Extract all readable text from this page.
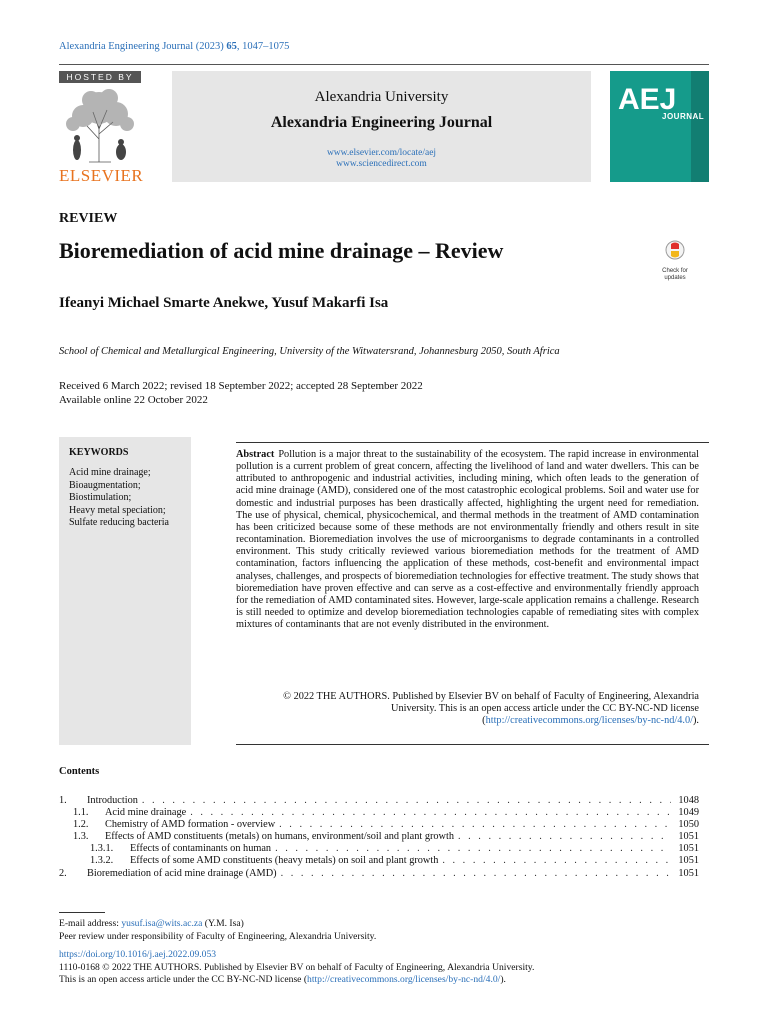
Alexandria Engineering Journal (2023) 65, 1047–1075
HOSTED BY
ELSEVIER
Alexandria University
Alexandria Engineering Journal
www.elsevier.com/locate/aej
www.sciencedirect.com
AEJ
JOURNAL
REVIEW
Bioremediation of acid mine drainage – Review
Check for updates
Ifeanyi Michael Smarte Anekwe, Yusuf Makarfi Isa
School of Chemical and Metallurgical Engineering, University of the Witwatersrand, Johannesburg 2050, South Africa
Received 6 March 2022; revised 18 September 2022; accepted 28 September 2022
Available online 22 October 2022
KEYWORDS
Acid mine drainage;
Bioaugmentation;
Biostimulation;
Heavy metal speciation;
Sulfate reducing bacteria
Abstract Pollution is a major threat to the sustainability of the ecosystem. The rapid increase in environmental pollution is a current problem of great concern, affecting the livelihood of land and water dwellers. This can be attributed to anthropogenic and industrial activities, including mining, which often leads to the generation of acid mine drainage (AMD), considered one of the most catastrophic ecological problems. Soil and water use for domestic and industrial purposes has been drastically affected, highlighting the urgent need for remediation. The use of physical, chemical, physicochemical, and thermal methods in the treatment of AMD contamination has been criticized because some of these methods are not environmentally friendly and others result in site recontamination. Bioremediation involves the use of microorganisms to degrade contaminants in a controlled environment. This study critically reviewed various bioremediation methods for the treatment of AMD contamination, factors influencing the application of these methods, cost-benefit and environmental impact analyses, challenges, and prospects of bioremediation technologies for effective treatment. The study shows that bioremediation have proven effective and can serve as a cost-effective and environmentally friendly approach for the remediation of AMD contaminated sites. However, large-scale application remains a challenge. Research is still needed to optimize and develop bioremediation technologies capable of remediating sites with complex mixtures of contaminants that are not evenly distributed in the environment.
© 2022 THE AUTHORS. Published by Elsevier BV on behalf of Faculty of Engineering, Alexandria University. This is an open access article under the CC BY-NC-ND license (http://creativecommons.org/licenses/by-nc-nd/4.0/).
Contents
1.	Introduction . . .	1048
1.1.	Acid mine drainage . . .	1049
1.2.	Chemistry of AMD formation - overview . . .	1050
1.3.	Effects of AMD constituents (metals) on humans, environment/soil and plant growth . . .	1051
1.3.1.	Effects of contaminants on human . . .	1051
1.3.2.	Effects of some AMD constituents (heavy metals) on soil and plant growth . . .	1051
2.	Bioremediation of acid mine drainage (AMD) . . .	1051
E-mail address: yusuf.isa@wits.ac.za (Y.M. Isa)
Peer review under responsibility of Faculty of Engineering, Alexandria University.
https://doi.org/10.1016/j.aej.2022.09.053
1110-0168 © 2022 THE AUTHORS. Published by Elsevier BV on behalf of Faculty of Engineering, Alexandria University.
This is an open access article under the CC BY-NC-ND license (http://creativecommons.org/licenses/by-nc-nd/4.0/).
